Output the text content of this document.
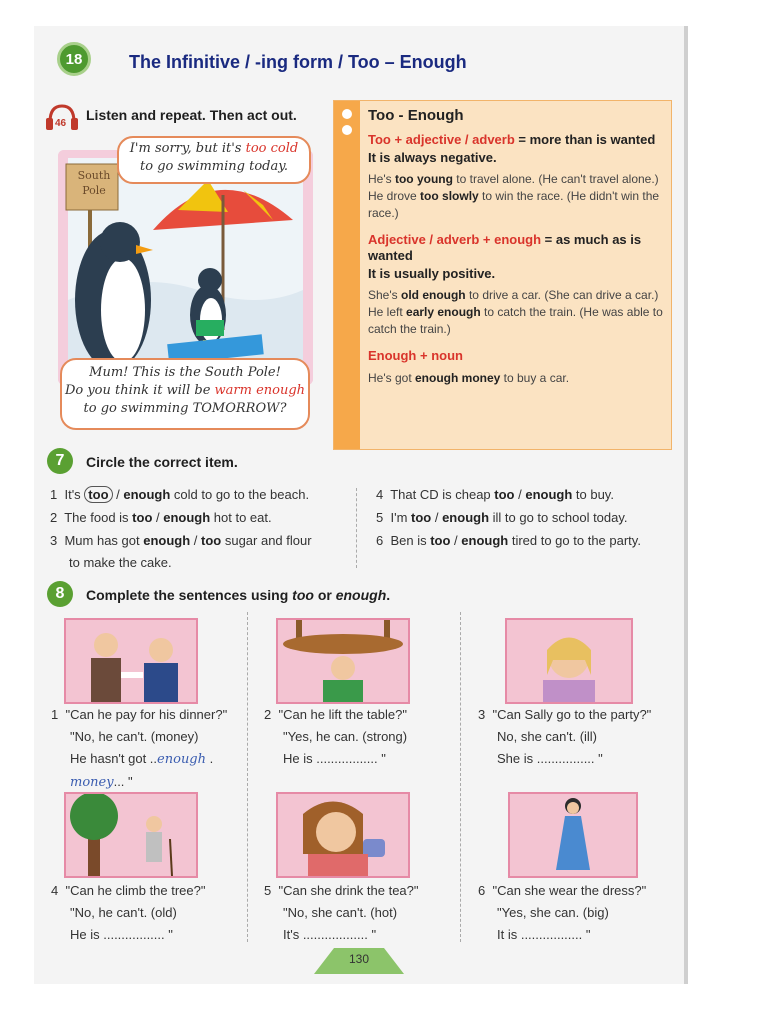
18	The Infinitive / -ing form / Too – Enough
46
Listen and repeat. Then act out.
South
Pole
I'm sorry, but it's too cold
to go swimming today.
Mum! This is the South Pole!
Do you think it will be warm enough
to go swimming TOMORROW?
Too - Enough
Too + adjective / adverb = more than is wanted
It is always negative.
He's too young to travel alone. (He can't travel alone.)
He drove too slowly to win the race. (He didn't win the race.)
Adjective / adverb + enough = as much as is wanted
It is usually positive.
She's old enough to drive a car. (She can drive a car.)
He left early enough to catch the train. (He was able to catch the train.)
Enough + noun
He's got enough money to buy a car.
7	Circle the correct item.
1 It's too / enough cold to go to the beach.
2 The food is too / enough hot to eat.
3 Mum has got enough / too sugar and flour
to make the cake.
4 That CD is cheap too / enough to buy.
5 I'm too / enough ill to go to school today.
6 Ben is too / enough tired to go to the party.
8	Complete the sentences using too or enough.
1 "Can he pay for his dinner?"
"No, he can't. (money)
He hasn't got ..enough .
money... "
2 "Can he lift the table?"
"Yes, he can. (strong)
He is ................. "
3 "Can Sally go to the party?"
No, she can't. (ill)
She is ................ "
4 "Can he climb the tree?"
"No, he can't. (old)
He is ................. "
5 "Can she drink the tea?"
"No, she can't. (hot)
It's .................. "
6 "Can she wear the dress?"
"Yes, she can. (big)
It is ................. "
130
